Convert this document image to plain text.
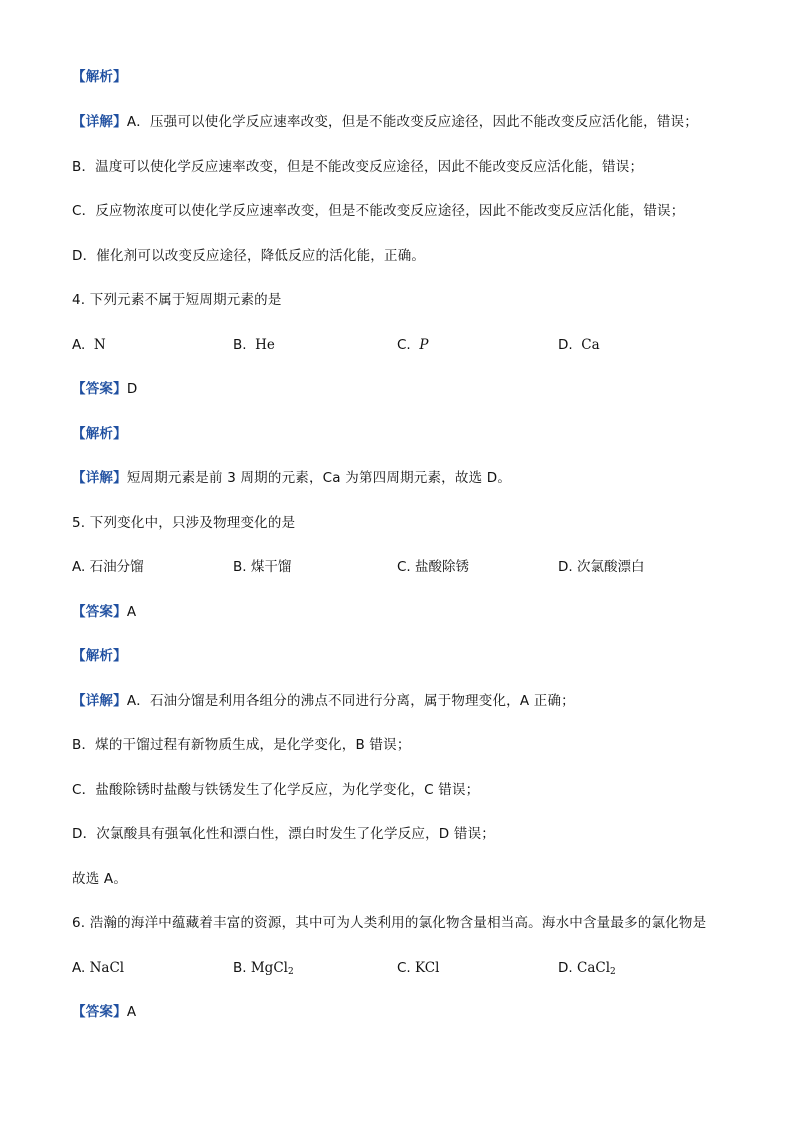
【解析】
【详解】A．压强可以使化学反应速率改变，但是不能改变反应途径，因此不能改变反应活化能，错误；
B．温度可以使化学反应速率改变，但是不能改变反应途径，因此不能改变反应活化能，错误；
C．反应物浓度可以使化学反应速率改变，但是不能改变反应途径，因此不能改变反应活化能，错误；
D．催化剂可以改变反应途径，降低反应的活化能，正确。
4. 下列元素不属于短周期元素的是
A. N	B. He	C. P	D. Ca
【答案】D
【解析】
【详解】短周期元素是前 3 周期的元素，Ca 为第四周期元素，故选 D。
5. 下列变化中，只涉及物理变化的是
A. 石油分馏	B. 煤干馏	C. 盐酸除锈	D. 次氯酸漂白
【答案】A
【解析】
【详解】A．石油分馏是利用各组分的沸点不同进行分离，属于物理变化，A 正确；
B．煤的干馏过程有新物质生成，是化学变化，B 错误；
C．盐酸除锈时盐酸与铁锈发生了化学反应，为化学变化，C 错误；
D．次氯酸具有强氧化性和漂白性，漂白时发生了化学反应，D 错误；
故选 A。
6. 浩瀚的海洋中蕴藏着丰富的资源，其中可为人类利用的氯化物含量相当高。海水中含量最多的氯化物是
A. NaCl	B. MgCl$_2$	C. KCl	D. CaCl$_2$
【答案】A
